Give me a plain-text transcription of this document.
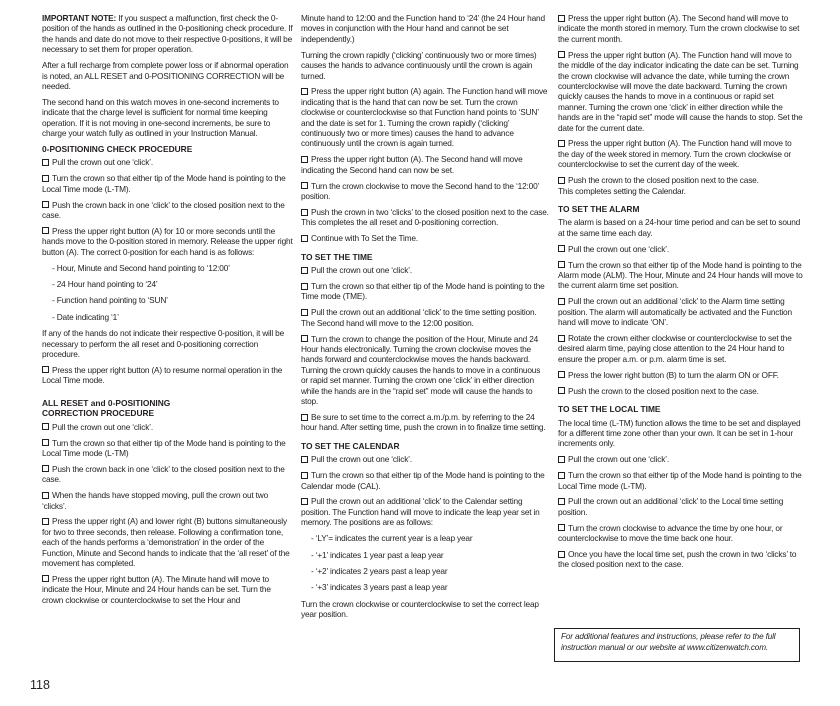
IMPORTANT NOTE: If you suspect a malfunction, first check the 0-position of the hands as outlined in the 0-positioning check procedure. If the hands and date do not move to their respective 0-positions, it will be necessary to set them for proper operation.

After a full recharge from complete power loss or if abnormal operation is noted, an ALL RESET and 0-POSITIONING CORRECTION will be needed.

The second hand on this watch moves in one-second increments to indicate that the charge level is sufficient for normal time keeping operation. If it is not moving in one-second increments, be sure to charge your watch fully as outlined in your Instruction Manual.

0-POSITIONING CHECK PROCEDURE

Pull the crown out one ‘click’.

Turn the crown so that either tip of the Mode hand is pointing to the Local Time mode (L-TM).

Push the crown back in one ‘click’ to the closed position next to the case.

Press the upper right button (A) for 10 or more seconds until the hands move to the 0-position stored in memory. Release the upper right button (A). The correct 0-position for each hand is as follows:

- Hour, Minute and Second hand pointing to ‘12:00’
- 24 Hour hand pointing to ‘24’
- Function hand pointing to ‘SUN’
- Date indicating ‘1’

If any of the hands do not indicate their respective 0-position, it will be necessary to perform the all reset and 0-positioning correction procedure.

Press the upper right button (A) to resume normal operation in the Local Time mode.

ALL RESET and 0-POSITIONING
CORRECTION PROCEDURE

Pull the crown out one ‘click’.

Turn the crown so that either tip of the Mode hand is pointing to the Local Time mode (L-TM)

Push the crown back in one ‘click’ to the closed position next to the case.

When the hands have stopped moving, pull the crown out two ‘clicks’.

Press the upper right (A) and lower right (B) buttons simultaneously for two to three seconds, then release. Following a confirmation tone, each of the hands performs a ‘demonstration’ in the order of the Function, Minute and Second hands to indicate that the ‘all reset’ of the movement has completed.

Press the upper right button (A). The Minute hand will move to indicate the Hour, Minute and 24 Hour hands can be set. Turn the crown clockwise or counterclockwise to set the Hour and

Minute hand to 12:00 and the Function hand to ‘24’ (the 24 Hour hand moves in conjunction with the Hour hand and cannot be set independently.)

Turning the crown rapidly (‘clicking’ continuously two or more times) causes the hands to advance continuously until the crown is again turned.

Press the upper right button (A) again. The Function hand will move indicating that is the hand that can now be set. Turn the crown clockwise or counterclockwise so that Function hand points to ‘SUN’ and the date is set for 1. Turning the crown rapidly (‘clicking’ continuously two or more times) causes the hand to advance continuously until the crown is again turned.

Press the upper right button (A). The Second hand will move indicating the Second hand can now be set.

Turn the crown clockwise to move the Second hand to the ‘12:00’ position.

Push the crown in two ‘clicks’ to the closed position next to the case. This completes the all reset and 0-positioning correction.

Continue with To Set the Time.

TO SET THE TIME

Pull the crown out one ‘click’.

Turn the crown so that either tip of the Mode hand is pointing to the Time mode (TME).

Pull the crown out an additional ‘click’ to the time setting position. The Second hand will move to the 12:00 position.

Turn the crown to change the position of the Hour, Minute and 24 Hour hands electronically. Turning the crown clockwise moves the hands forward and counterclockwise moves the hands backward. Turning the crown quickly causes the hands to move in a continuous or rapid set manner. Turning the crown one ‘click’ in either direction while the hands are in the “rapid set” mode will cause the hands to stop.

Be sure to set time to the correct a.m./p.m. by referring to the 24 hour hand. After setting time, push the crown in to finalize time setting.

TO SET THE CALENDAR

Pull the crown out one ‘click’.

Turn the crown so that either tip of the Mode hand is pointing to the Calendar mode (CAL).

Pull the crown out an additional ‘click’ to the Calendar setting position. The Function hand will move to indicate the leap year set in memory. The positions are as follows:

- ‘LY’= indicates the current year is a leap year
- ‘+1’ indicates 1 year past a leap year
- ‘+2’ indicates 2 years past a leap year
- ‘+3’ indicates 3 years past a leap year

Turn the crown clockwise or counterclockwise to set the correct leap year position.

Press the upper right button (A). The Second hand will move to indicate the month stored in memory. Turn the crown clockwise to set the current month.

Press the upper right button (A). The Function hand will move to the middle of the day indicator indicating the date can be set. Turning the crown clockwise will advance the date, while turning the crown counterclockwise will move the date backward. Turning the crown quickly causes the hands to move in a continuous or rapid set manner. Turning the crown one ‘click’ in either direction while the hands are in the “rapid set” mode will cause the hands to stop. Set the date for the current date.

Press the upper right button (A). The Function hand will move to the day of the week stored in memory. Turn the crown clockwise or counterclockwise to set the current day of the week.

Push the crown to the closed position next to the case.
This completes setting the Calendar.

TO SET THE ALARM

The alarm is based on a 24-hour time period and can be set to sound at the same time each day.

Pull the crown out one ‘click’.

Turn the crown so that either tip of the Mode hand is pointing to the Alarm mode (ALM). The Hour, Minute and 24 Hour hands will move to the current alarm time set position.

Pull the crown out an additional ‘click’ to the Alarm time setting position. The alarm will automatically be activated and the Function hand will move to indicate ‘ON’.

Rotate the crown either clockwise or counterclockwise to set the desired alarm time, paying close attention to the 24 Hour hand to ensure the proper a.m. or p.m. alarm time is set.

Press the lower right button (B) to turn the alarm ON or OFF.

Push the crown to the closed position next to the case.

TO SET THE LOCAL TIME

The local time (L-TM) function allows the time to be set and displayed for a different time zone other than your own. It can be set in 1-hour increments only.

Pull the crown out one ‘click’.

Turn the crown so that either tip of the Mode hand is pointing to the Local Time mode (L-TM).

Pull the crown out an additional ‘click’ to the Local time setting position.

Turn the crown clockwise to advance the time by one hour, or counterclockwise to move the time back one hour.

Once you have the local time set, push the crown in two ‘clicks’ to the closed position next to the case.

For additional features and instructions, please refer to the full instruction manual or our website at www.citizenwatch.com.
118
